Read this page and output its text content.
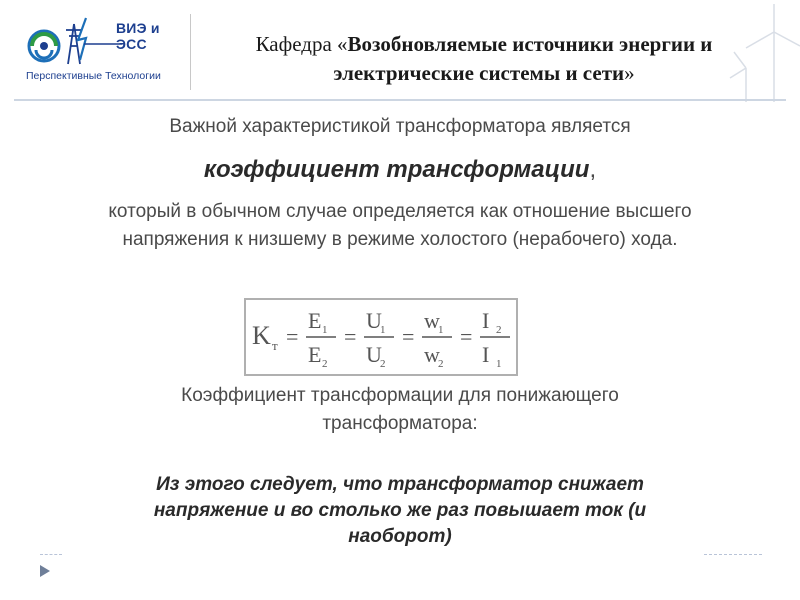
ВИЭ и ЭСС
Перспективные Технологии
Кафедра «Возобновляемые источники энергии и электрические системы и сети»
Важной характеристикой трансформатора является
коэффициент трансформации,
который в обычном случае определяется как отношение высшего напряжения к низшему в режиме холостого (нерабочего) хода.
K т =
E 1
E 2
=
U
1
U
2
=
w
1
w
2
=
I 2
I 1
Коэффициент трансформации для понижающего трансформатора:
Из этого следует, что трансформатор снижает напряжение и во столько же раз повышает ток (и наоборот)
